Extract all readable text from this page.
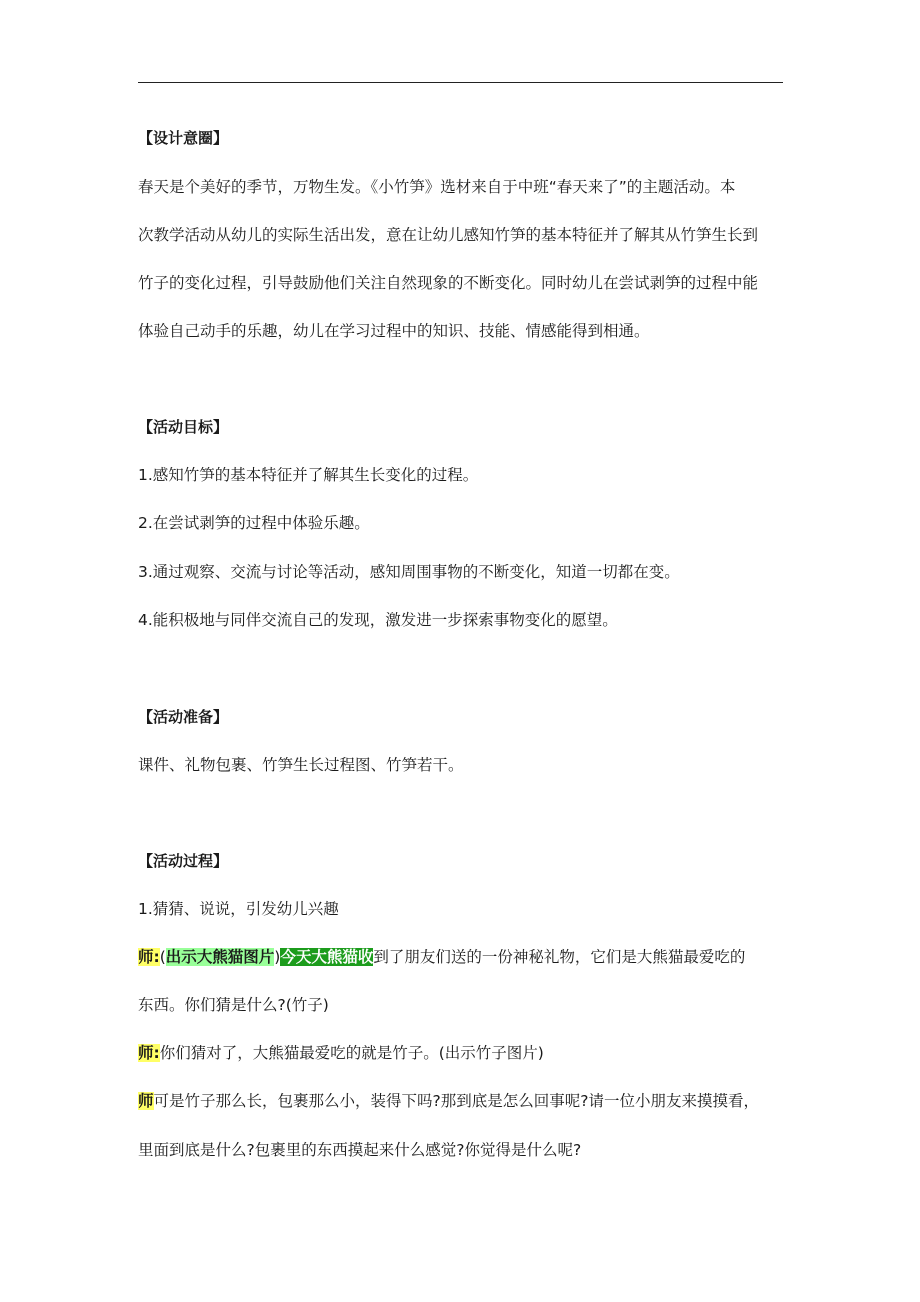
【设计意圈】
春天是个美好的季节，万物生发。《小竹笋》选材来自于中班“春天来了”的主题活动。本
次教学活动从幼儿的实际生活出发，意在让幼儿感知竹笋的基本特征并了解其从竹笋生长到
竹子的变化过程，引导鼓励他们关注自然现象的不断变化。同时幼儿在尝试剥笋的过程中能
体验自己动手的乐趣，幼儿在学习过程中的知识、技能、情感能得到相通。
【活动目标】
1.感知竹笋的基本特征并了解其生长变化的过程。
2.在尝试剥笋的过程中体验乐趣。
3.通过观察、交流与讨论等活动，感知周围事物的不断变化，知道一切都在变。
4.能积极地与同伴交流自己的发现，激发进一步探索事物变化的愿望。
【活动准备】
课件、礼物包裹、竹笋生长过程图、竹笋若干。
【活动过程】
1.猜猜、说说，引发幼儿兴趣
师:(出示大熊猫图片)今天大熊猫收到了朋友们送的一份神秘礼物，它们是大熊猫最爱吃的
东西。你们猜是什么?(竹子)
师:你们猜对了，大熊猫最爱吃的就是竹子。(出示竹子图片)
师可是竹子那么长，包裹那么小，装得下吗?那到底是怎么回事呢?请一位小朋友来摸摸看，
里面到底是什么?包裹里的东西摸起来什么感觉?你觉得是什么呢?
